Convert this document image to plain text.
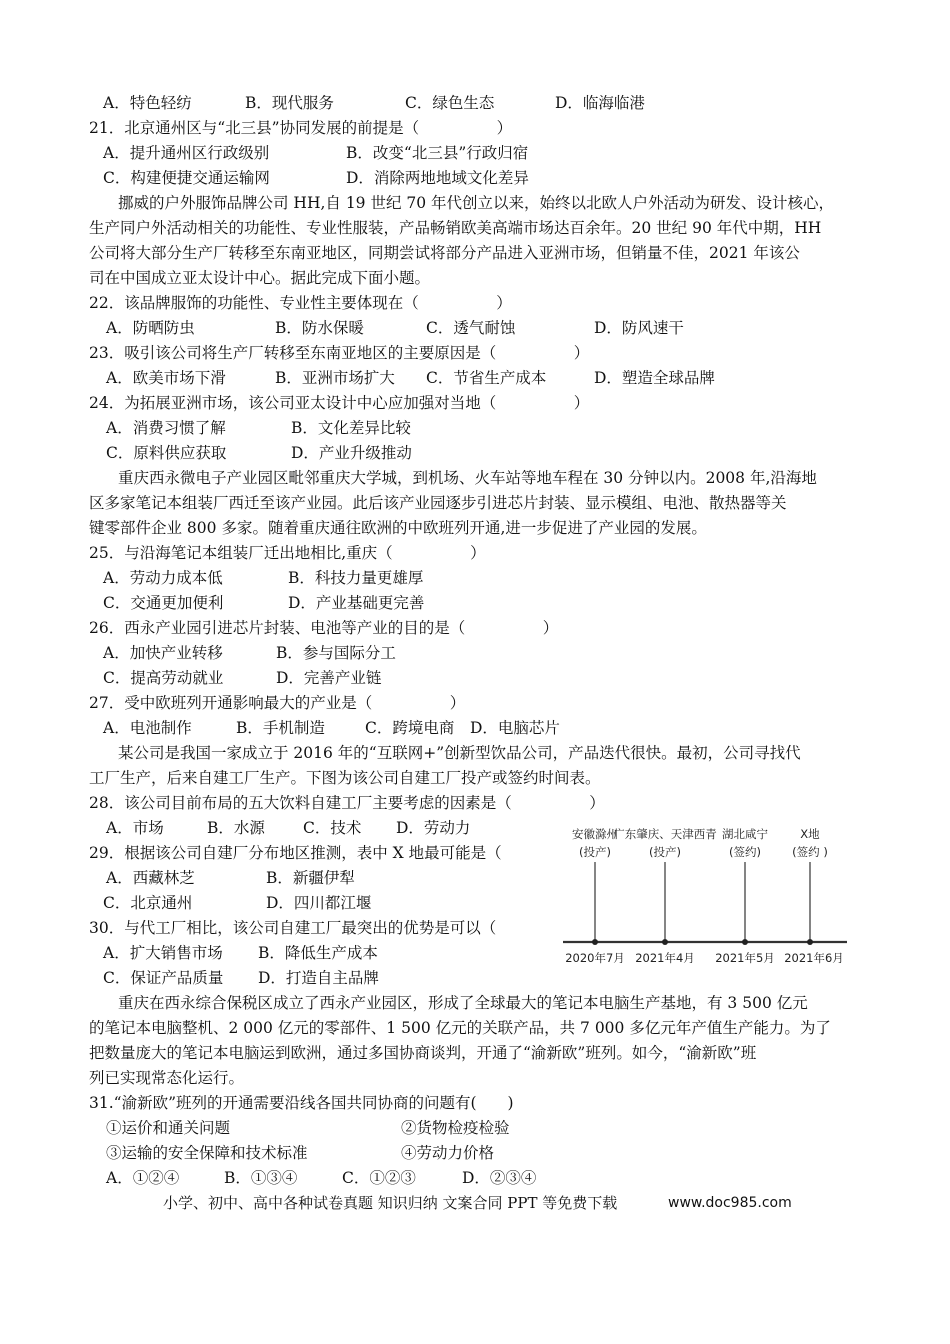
A．特色轻纺	B．现代服务	C．绿色生态	D．临海临港
21．北京通州区与“北三县”协同发展的前提是（　　　　　）
A．提升通州区行政级别	B．改变“北三县”行政归宿
C．构建便捷交通运输网	D．消除两地地域文化差异
挪威的户外服饰品牌公司 HH,自 19 世纪 70 年代创立以来，始终以北欧人户外活动为研发、设计核心，
生产同户外活动相关的功能性、专业性服装，产品畅销欧美高端市场达百余年。20 世纪 90 年代中期，HH
公司将大部分生产厂转移至东南亚地区，同期尝试将部分产品进入亚洲市场，但销量不佳，2021 年该公
司在中国成立亚太设计中心。据此完成下面小题。
22．该品牌服饰的功能性、专业性主要体现在（　　　　　）
A．防晒防虫	B．防水保暖	C．透气耐蚀	D．防风速干
23．吸引该公司将生产厂转移至东南亚地区的主要原因是（　　　　　）
A．欧美市场下滑	B．亚洲市场扩大 C．节省生产成本	D．塑造全球品牌
24．为拓展亚洲市场，该公司亚太设计中心应加强对当地（　　　　　）
A．消费习惯了解	B．文化差异比较
C．原料供应获取	D．产业升级推动
重庆西永微电子产业园区毗邻重庆大学城，到机场、火车站等地车程在 30 分钟以内。2008 年,沿海地
区多家笔记本组装厂西迁至该产业园。此后该产业园逐步引进芯片封装、显示模组、电池、散热器等关
键零部件企业 800 多家。随着重庆通往欧洲的中欧班列开通,进一步促进了产业园的发展。
25．与沿海笔记本组装厂迁出地相比,重庆（　　　　　）
A．劳动力成本低	B．科技力量更雄厚
C．交通更加便利	D．产业基础更完善
26．西永产业园引进芯片封装、电池等产业的目的是（　　　　　）
A．加快产业转移	B．参与国际分工
C．提高劳动就业	D．完善产业链
27．受中欧班列开通影响最大的产业是（　　　　　）
A．电池制作	B．手机制造	C．跨境电商 D．电脑芯片
某公司是我国一家成立于 2016 年的“互联网+”创新型饮品公司，产品迭代很快。最初，公司寻找代
工厂生产，后来自建工厂生产。下图为该公司自建工厂投产或签约时间表。
28．该公司目前布局的五大饮料自建工厂主要考虑的因素是（　　　　　）
A．市场	B．水源 C．技术 D．劳动力
29．根据该公司自建厂分布地区推测，表中 X 地最可能是（
A．西藏林芝	B．新疆伊犁
C．北京通州	D．四川都江堰
30．与代工厂相比，该公司自建工厂最突出的优势是可以（
A．扩大销售市场 B．降低生产成本
C．保证产品质量 D．打造自主品牌
安徽滁州
(投产)
2020年7月
广东肇庆、天津西青
(投产)
2021年4月
湖北咸宁
(签约)
2021年5月
X地
(签约 )
2021年6月
重庆在西永综合保税区成立了西永产业园区，形成了全球最大的笔记本电脑生产基地，有 3 500 亿元
的笔记本电脑整机、2 000 亿元的零部件、1 500 亿元的关联产品，共 7 000 多亿元年产值生产能力。为了
把数量庞大的笔记本电脑运到欧洲，通过多国协商谈判，开通了“渝新欧”班列。如今，“渝新欧”班
列已实现常态化运行。
31.“渝新欧”班列的开通需要沿线各国共同协商的问题有(　　)
①运价和通关问题	②货物检疫检验
③运输的安全保障和技术标准	④劳动力价格
A．①②④	B．①③④	C．①②③	D．②③④
小学、初中、高中各种试卷真题 知识归纳 文案合同 PPT 等免费下载	www.doc985.com
